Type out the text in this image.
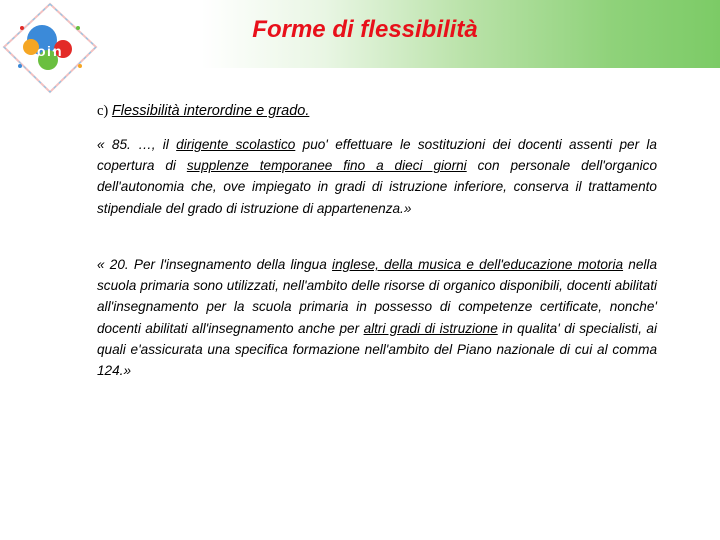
o i n
Forme di flessibilità
c) Flessibilità interordine e grado.

« 85. …, il dirigente scolastico puo' effettuare le sostituzioni dei docenti assenti per la copertura di supplenze temporanee fino a dieci giorni con personale dell'organico dell'autonomia che, ove impiegato in gradi di istruzione inferiore, conserva il trattamento stipendiale del grado di istruzione di appartenenza.»

« 20. Per l'insegnamento della lingua inglese, della musica e dell'educazione motoria nella scuola primaria sono utilizzati, nell'ambito delle risorse di organico disponibili, docenti abilitati all'insegnamento per la scuola primaria in possesso di competenze certificate, nonche' docenti abilitati all'insegnamento anche per altri gradi di istruzione in qualita' di specialisti, ai quali e'assicurata una specifica formazione nell'ambito del Piano nazionale di cui al comma 124.»
